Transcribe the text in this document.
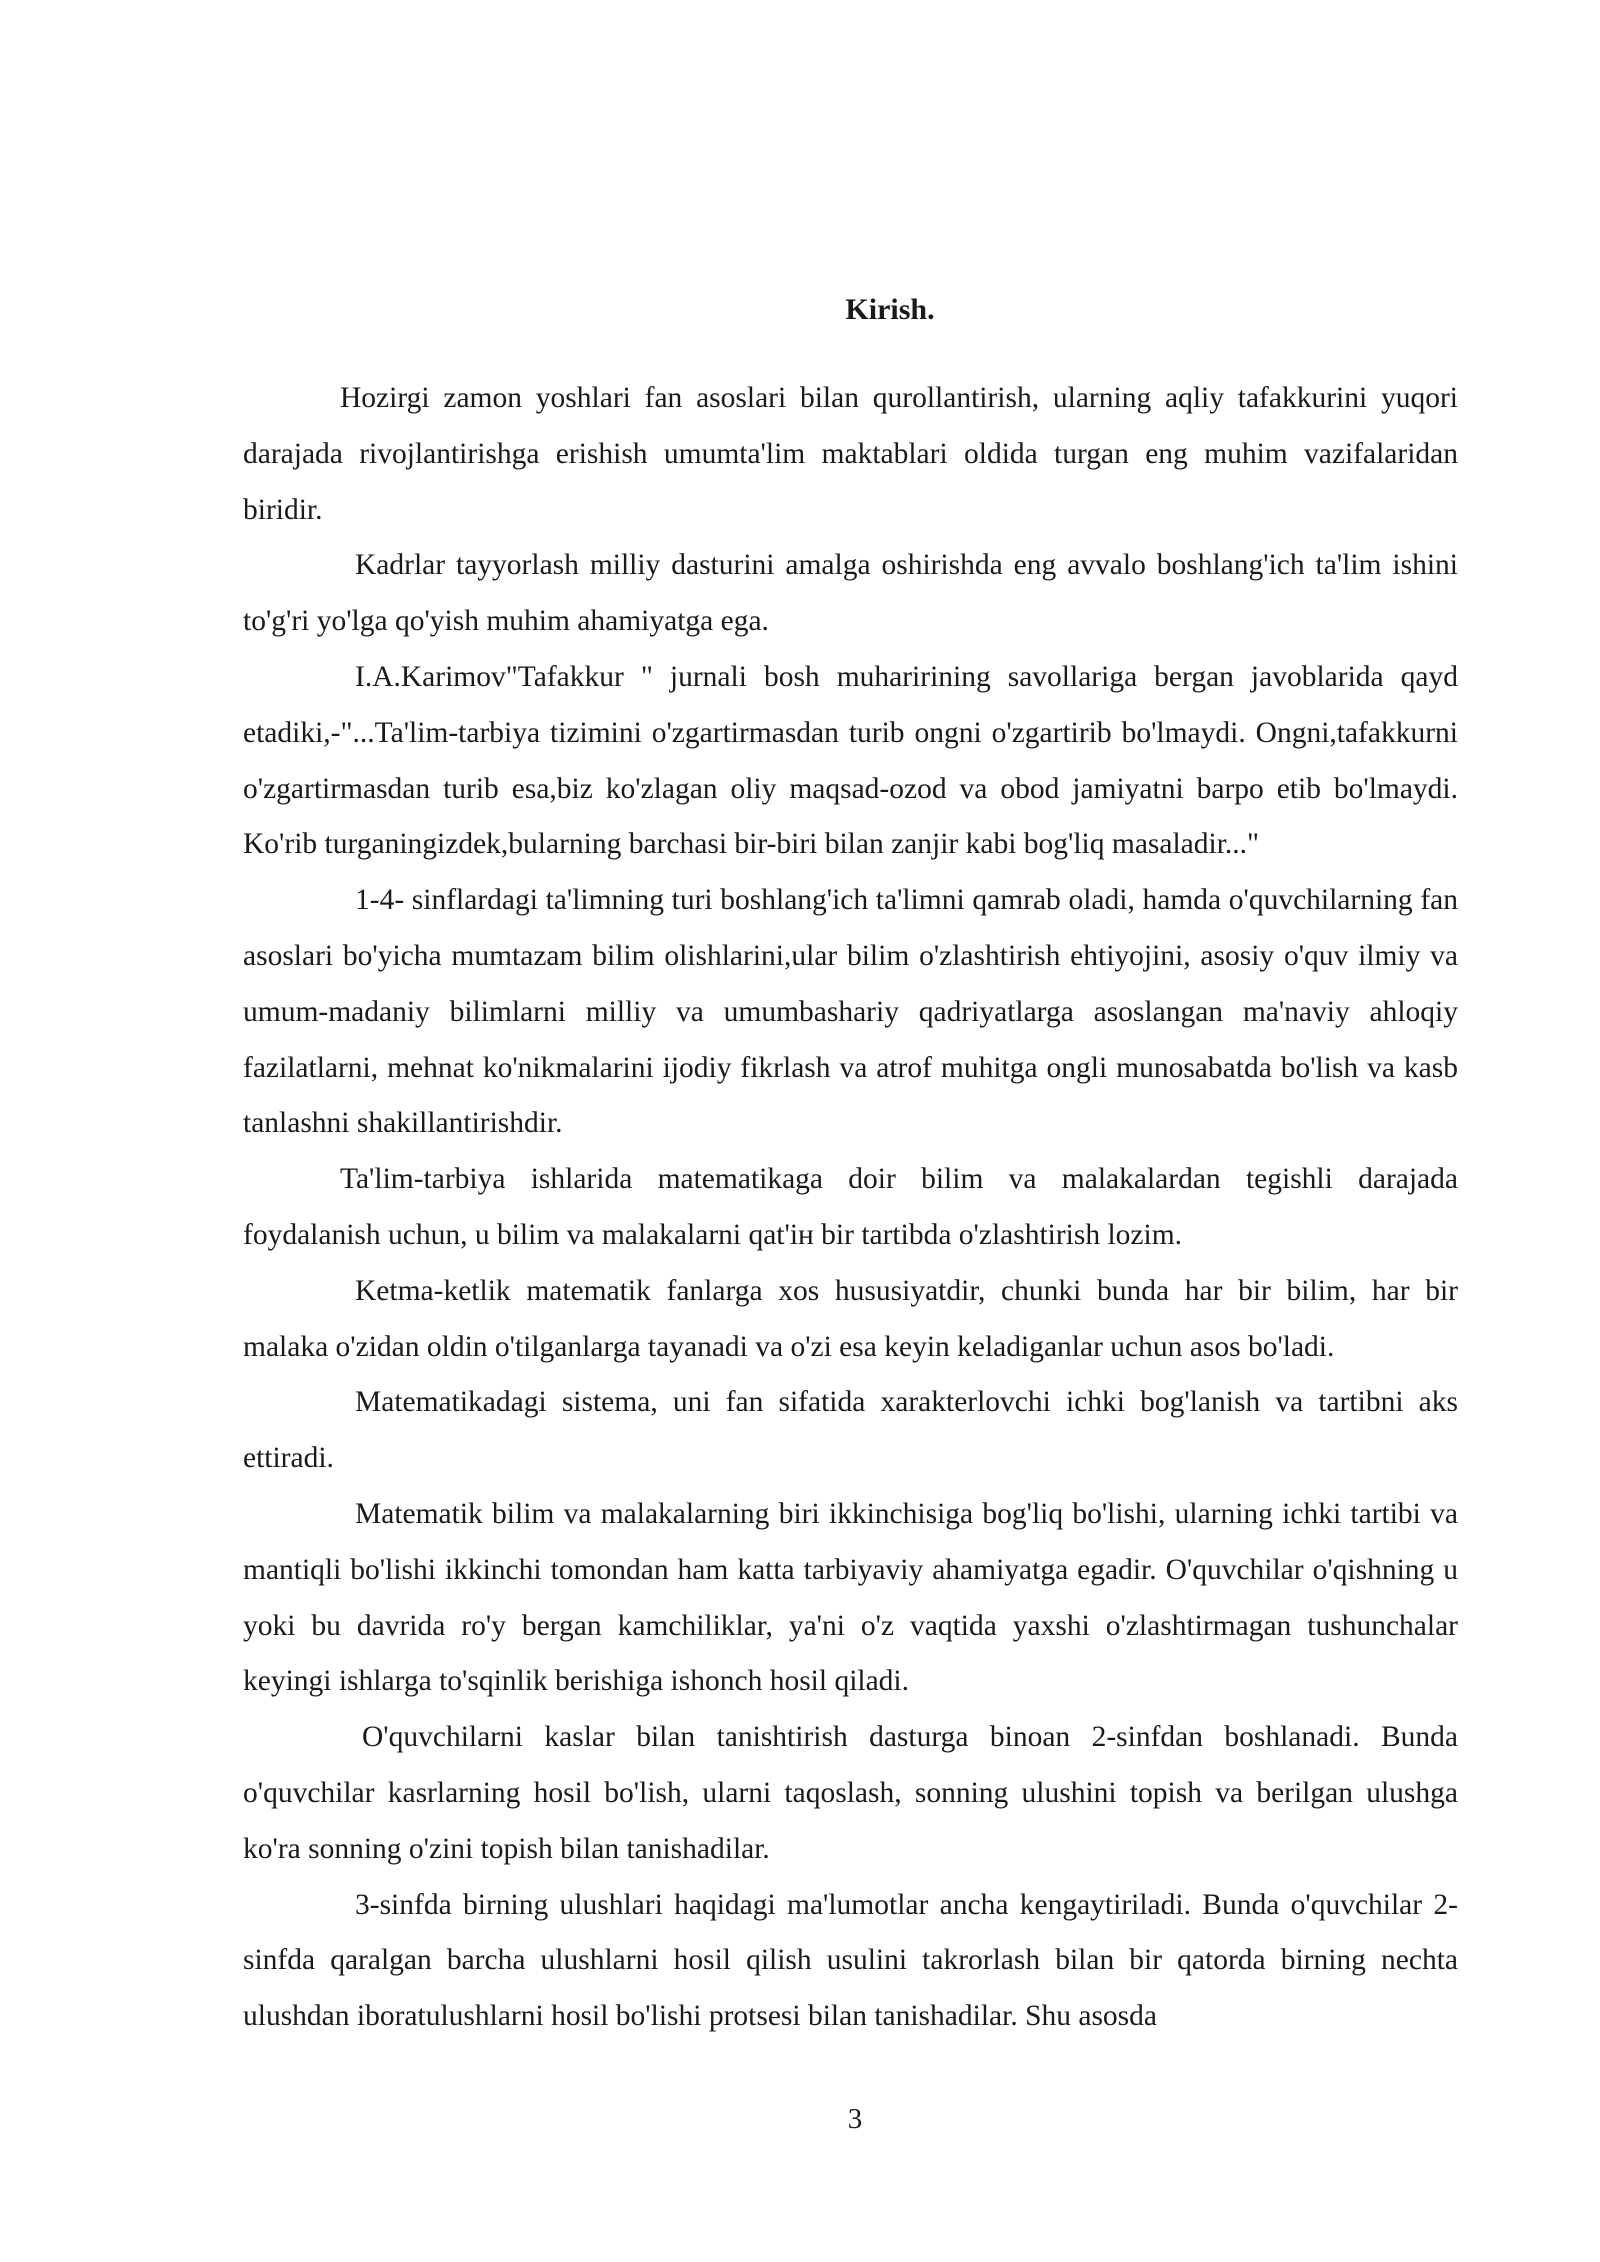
Kirish.

Hozirgi zamon yoshlari fan asoslari bilan qurollantirish, ularning aqliy tafakkurini yuqori darajada rivojlantirishga erishish umumta'lim maktablari oldida turgan eng muhim vazifalaridan biridir.

Kadrlar tayyorlash milliy dasturini amalga oshirishda eng avvalo boshlang'ich ta'lim ishini to'g'ri yo'lga qo'yish muhim ahamiyatga ega.

I.A.Karimov"Tafakkur " jurnali bosh muharirining savollariga bergan javoblarida qayd etadiki,-"...Ta'lim-tarbiya tizimini o'zgartirmasdan turib ongni o'zgartirib bo'lmaydi. Ongni,tafakkurni o'zgartirmasdan turib esa,biz ko'zlagan oliy maqsad-ozod va obod jamiyatni barpo etib bo'lmaydi. Ko'rib turganingizdek,bularning barchasi bir-biri bilan zanjir kabi bog'liq masaladir..."

1-4- sinflardagi ta'limning turi boshlang'ich ta'limni qamrab oladi, hamda o'quvchilarning fan asoslari bo'yicha mumtazam bilim olishlarini,ular bilim o'zlashtirish ehtiyojini, asosiy o'quv ilmiy va umum-madaniy bilimlarni milliy va umumbashariy qadriyatlarga asoslangan ma'naviy ahloqiy fazilatlarni, mehnat ko'nikmalarini ijodiy fikrlash va atrof muhitga ongli munosabatda bo'lish va kasb tanlashni shakillantirishdir.

Ta'lim-tarbiya ishlarida matematikaga doir bilim va malakalardan tegishli darajada foydalanish uchun, u bilim va malakalarni qat'iн bir tartibda o'zlashtirish lozim.

Ketma-ketlik matematik fanlarga xos hususiyatdir, chunki bunda har bir bilim, har bir malaka o'zidan oldin o'tilganlarga tayanadi va o'zi esa keyin keladiganlar uchun asos bo'ladi.

Matematikadagi sistema, uni fan sifatida xarakterlovchi ichki bog'lanish va tartibni aks ettiradi.

Matematik bilim va malakalarning biri ikkinchisiga bog'liq bo'lishi, ularning ichki tartibi va mantiqli bo'lishi ikkinchi tomondan ham katta tarbiyaviy ahamiyatga egadir. O'quvchilar o'qishning u yoki bu davrida ro'y bergan kamchiliklar, ya'ni o'z vaqtida yaxshi o'zlashtirmagan tushunchalar keyingi ishlarga to'sqinlik berishiga ishonch hosil qiladi.

O'quvchilarni kaslar bilan tanishtirish dasturga binoan 2-sinfdan boshlanadi. Bunda o'quvchilar kasrlarning hosil bo'lish, ularni taqoslash, sonning ulushini topish va berilgan ulushga ko'ra sonning o'zini topish bilan tanishadilar.

3-sinfda birning ulushlari haqidagi ma'lumotlar ancha kengaytiriladi. Bunda o'quvchilar 2-sinfda qaralgan barcha ulushlarni hosil qilish usulini takrorlash bilan bir qatorda birning nechta ulushdan iboratulushlarni hosil bo'lishi protsesi bilan tanishadilar. Shu asosda

3
